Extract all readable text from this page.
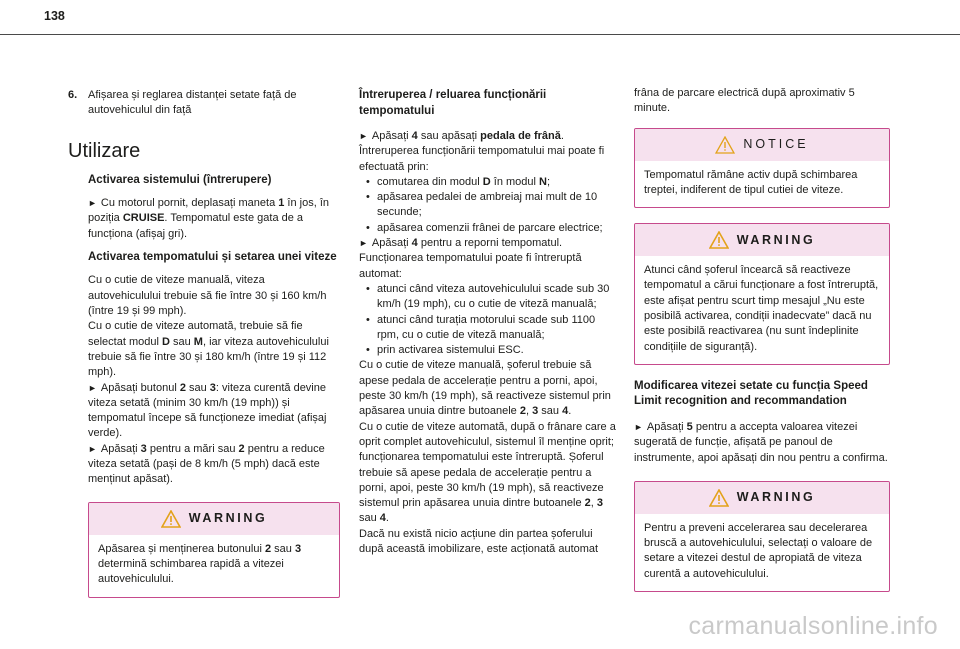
138
6. Afișarea și reglarea distanței setate față de autovehiculul din față
Utilizare
Activarea sistemului (întrerupere)

► Cu motorul pornit, deplasați maneta 1 în jos, în poziția CRUISE. Tempomatul este gata de a funcționa (afișaj gri).

Activarea tempomatului și setarea unei viteze

Cu o cutie de viteze manuală, viteza autovehiculului trebuie să fie între 30 și 160 km/h (între 19 și 99 mph).

Cu o cutie de viteze automată, trebuie să fie selectat modul D sau M, iar viteza autovehiculului trebuie să fie între 30 și 180 km/h (între 19 și 112 mph).

► Apăsați butonul 2 sau 3: viteza curentă devine viteza setată (minim 30 km/h (19 mph)) și tempomatul începe să funcționeze imediat (afișaj verde).

► Apăsați 3 pentru a mări sau 2 pentru a reduce viteza setată (pași de 8 km/h (5 mph) dacă este menținut apăsat).

WARNING
Apăsarea și menținerea butonului 2 sau 3 determină schimbarea rapidă a vitezei autovehiculului.
Întreruperea / reluarea funcționării tempomatului

► Apăsați 4 sau apăsați pedala de frână.

Întreruperea funcționării tempomatului mai poate fi efectuată prin:

• comutarea din modul D în modul N;
• apăsarea pedalei de ambreiaj mai mult de 10 secunde;
• apăsarea comenzii frânei de parcare electrice;

► Apăsați 4 pentru a reporni tempomatul.

Funcționarea tempomatului poate fi întreruptă automat:

• atunci când viteza autovehiculului scade sub 30 km/h (19 mph), cu o cutie de viteză manuală;
• atunci când turația motorului scade sub 1100 rpm, cu o cutie de viteză manuală;
• prin activarea sistemului ESC.

Cu o cutie de viteze manuală, șoferul trebuie să apese pedala de accelerație pentru a porni, apoi, peste 30 km/h (19 mph), să reactiveze sistemul prin apăsarea unuia dintre butoanele 2, 3 sau 4.

Cu o cutie de viteze automată, după o frânare care a oprit complet autovehiculul, sistemul îl menține oprit; funcționarea tempomatului este întreruptă. Șoferul trebuie să apese pedala de accelerație pentru a porni, apoi, peste 30 km/h (19 mph), să reactiveze sistemul prin apăsarea unuia dintre butoanele 2, 3 sau 4.

Dacă nu există nicio acțiune din partea șoferului după această imobilizare, este acționată automat

frâna de parcare electrică după aproximativ 5 minute.

NOTICE
Tempomatul rămâne activ după schimbarea treptei, indiferent de tipul cutiei de viteze.
WARNING
Atunci când șoferul încearcă să reactiveze tempomatul a cărui funcționare a fost întreruptă, este afișat pentru scurt timp mesajul „Nu este posibilă activarea, condiții inadecvate” dacă nu este posibilă reactivarea (nu sunt îndeplinite condițiile de siguranță).
Modificarea vitezei setate cu funcția Speed Limit recognition and recommandation

► Apăsați 5 pentru a accepta valoarea vitezei sugerată de funcție, afișată pe panoul de instrumente, apoi apăsați din nou pentru a confirma.

WARNING
Pentru a preveni accelerarea sau decelerarea bruscă a autovehiculului, selectați o valoare de setare a vitezei destul de apropiată de viteza curentă a autovehiculului.
carmanualsonline.info
